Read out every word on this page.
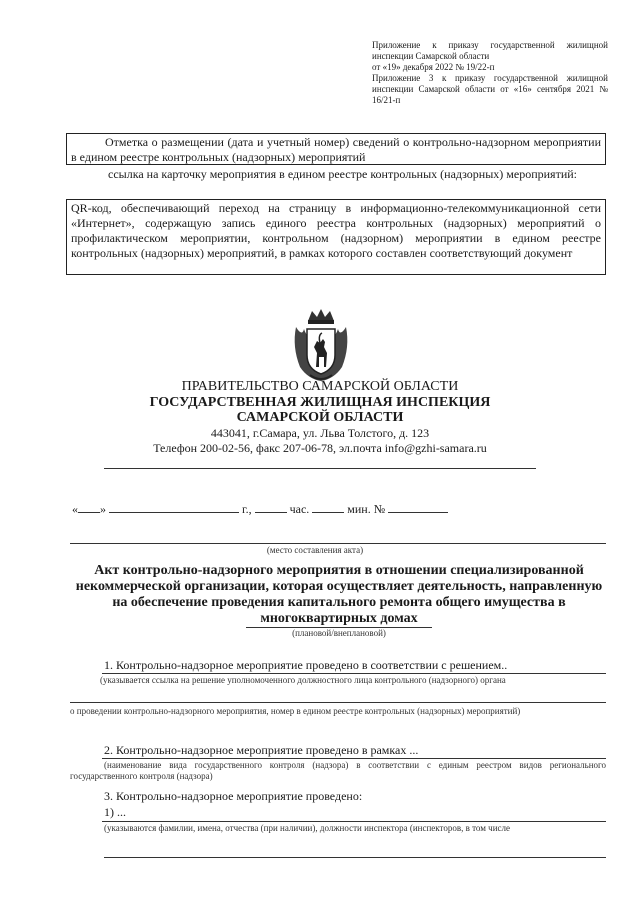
Приложение к приказу государственной жилищной инспекции Самарской области
от «19» декабря 2022 № 19/22-п
Приложение 3 к приказу государственной жилищной инспекции Самарской области от «16» сентября 2021 № 16/21-п
Отметка о размещении (дата и учетный номер) сведений о контрольно-надзорном мероприятии в едином реестре контрольных (надзорных) мероприятий
ссылка на карточку мероприятия в едином реестре контрольных (надзорных) мероприятий:
QR-код, обеспечивающий переход на страницу в информационно-телекоммуникационной сети «Интернет», содержащую запись единого реестра контрольных (надзорных) мероприятий о профилактическом мероприятии, контрольном (надзорном) мероприятии в едином реестре контрольных (надзорных) мероприятий, в рамках которого составлен соответствующий документ
ПРАВИТЕЛЬСТВО САМАРСКОЙ ОБЛАСТИ
ГОСУДАРСТВЕННАЯ ЖИЛИЩНАЯ ИНСПЕКЦИЯ
САМАРСКОЙ ОБЛАСТИ
443041, г.Самара, ул. Льва Толстого, д. 123
Телефон 200-02-56, факс 207-06-78, эл.почта info@gzhi-samara.ru
« »	г.,	час.	мин. №
(место составления акта)
Акт контрольно-надзорного мероприятия в отношении специализированной некоммерческой организации, которая осуществляет деятельность, направленную на обеспечение проведения капитального ремонта общего имущества в многоквартирных домах
(плановой/внеплановой)
1. Контрольно-надзорное мероприятие проведено в соответствии с решением..
(указывается ссылка на решение уполномоченного должностного лица контрольного (надзорного) органа
о проведении контрольно-надзорного мероприятия, номер в едином реестре контрольных (надзорных) мероприятий)
2. Контрольно-надзорное мероприятие проведено в рамках ...
(наименование вида государственного контроля (надзора) в соответствии с единым реестром видов регионального государственного контроля (надзора)
3. Контрольно-надзорное мероприятие проведено:
1) ...
(указываются фамилии, имена, отчества (при наличии), должности инспектора (инспекторов, в том числе
